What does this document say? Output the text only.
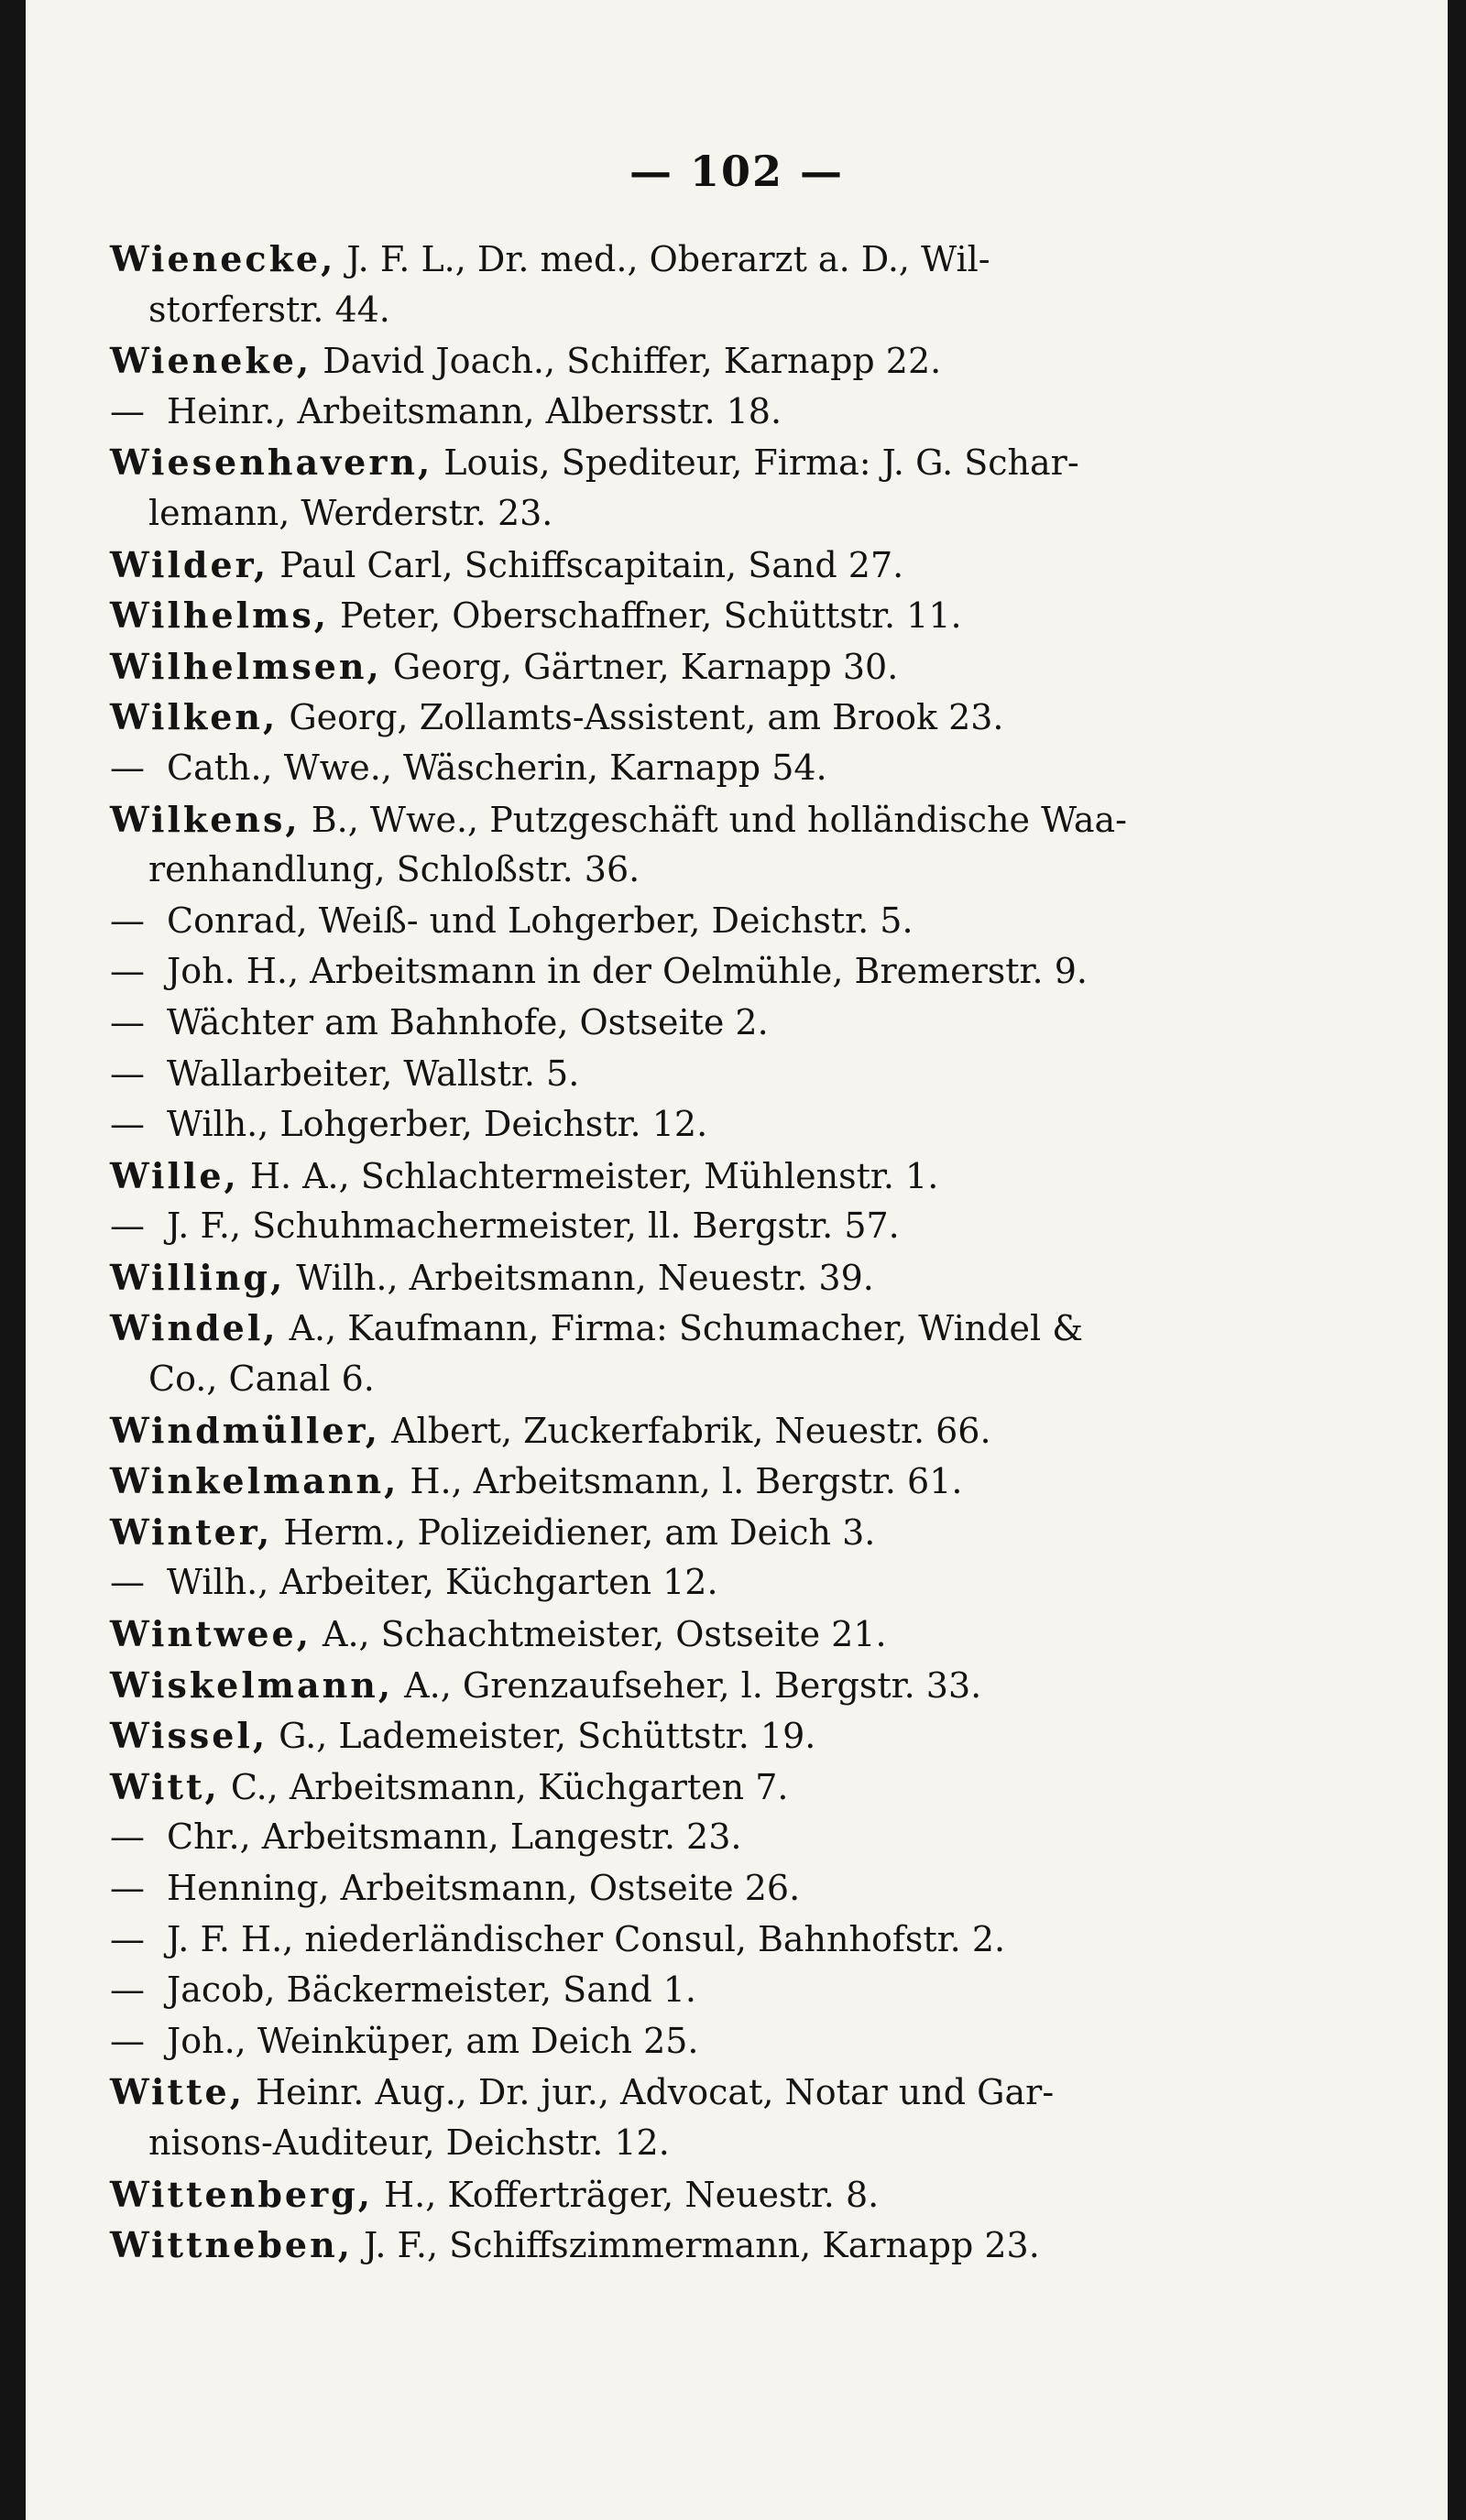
— 102 —
Wienecke, J. F. L., Dr. med., Oberarzt a. D., Wil-
storferstr. 44.
Wieneke, David Joach., Schiffer, Karnapp 22.
— Heinr., Arbeitsmann, Albersstr. 18.
Wiesenhavern, Louis, Spediteur, Firma: J. G. Schar-
lemann, Werderstr. 23.
Wilder, Paul Carl, Schiffscapitain, Sand 27.
Wilhelms, Peter, Oberschaffner, Schüttstr. 11.
Wilhelmsen, Georg, Gärtner, Karnapp 30.
Wilken, Georg, Zollamts-Assistent, am Brook 23.
— Cath., Wwe., Wäscherin, Karnapp 54.
Wilkens, B., Wwe., Putzgeschäft und holländische Waa-
renhandlung, Schloßstr. 36.
— Conrad, Weiß- und Lohgerber, Deichstr. 5.
— Joh. H., Arbeitsmann in der Oelmühle, Bremerstr. 9.
— Wächter am Bahnhofe, Ostseite 2.
— Wallarbeiter, Wallstr. 5.
— Wilh., Lohgerber, Deichstr. 12.
Wille, H. A., Schlachtermeister, Mühlenstr. 1.
— J. F., Schuhmachermeister, ll. Bergstr. 57.
Willing, Wilh., Arbeitsmann, Neuestr. 39.
Windel, A., Kaufmann, Firma: Schumacher, Windel &
Co., Canal 6.
Windmüller, Albert, Zuckerfabrik, Neuestr. 66.
Winkelmann, H., Arbeitsmann, l. Bergstr. 61.
Winter, Herm., Polizeidiener, am Deich 3.
— Wilh., Arbeiter, Küchgarten 12.
Wintwee, A., Schachtmeister, Ostseite 21.
Wiskelmann, A., Grenzaufseher, l. Bergstr. 33.
Wissel, G., Lademeister, Schüttstr. 19.
Witt, C., Arbeitsmann, Küchgarten 7.
— Chr., Arbeitsmann, Langestr. 23.
— Henning, Arbeitsmann, Ostseite 26.
— J. F. H., niederländischer Consul, Bahnhofstr. 2.
— Jacob, Bäckermeister, Sand 1.
— Joh., Weinküper, am Deich 25.
Witte, Heinr. Aug., Dr. jur., Advocat, Notar und Gar-
nisons-Auditeur, Deichstr. 12.
Wittenberg, H., Kofferträger, Neuestr. 8.
Wittneben, J. F., Schiffszimmermann, Karnapp 23.
